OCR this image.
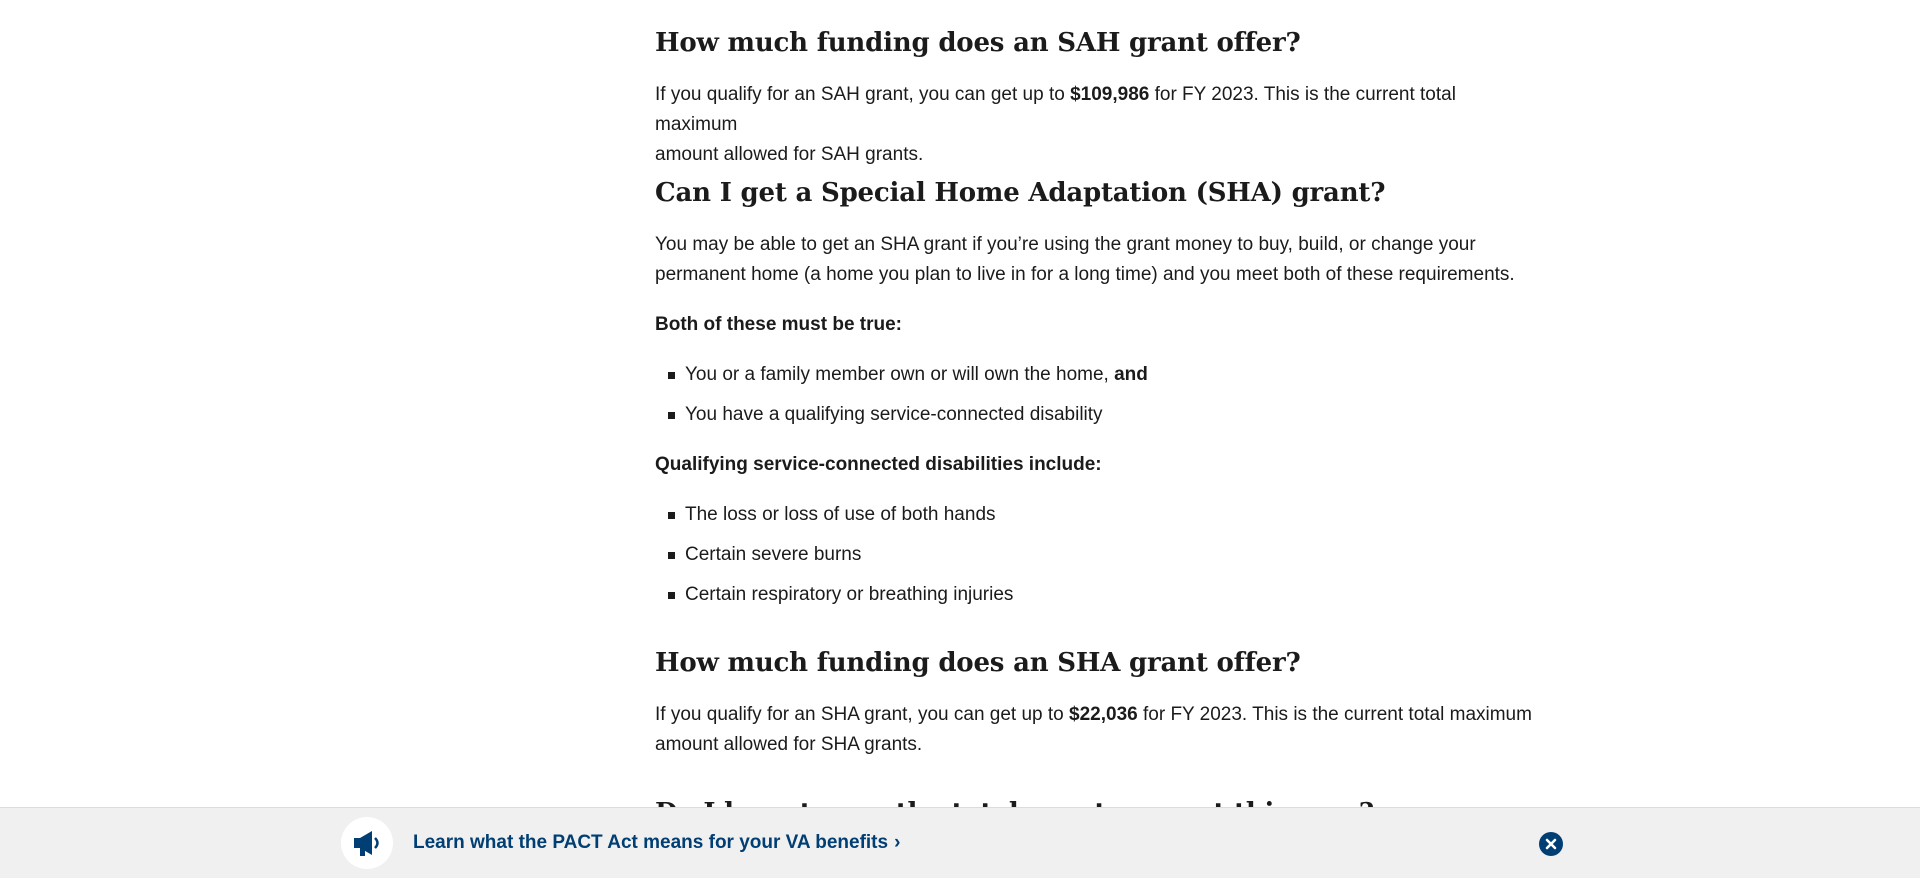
How much funding does an SAH grant offer?

If you qualify for an SAH grant, you can get up to $109,986 for FY 2023. This is the current total maximum
amount allowed for SAH grants.

Can I get a Special Home Adaptation (SHA) grant?

You may be able to get an SHA grant if you’re using the grant money to buy, build, or change your
permanent home (a home you plan to live in for a long time) and you meet both of these requirements.

Both of these must be true:

You or a family member own or will own the home, and
You have a qualifying service-connected disability

Qualifying service-connected disabilities include:

The loss or loss of use of both hands
Certain severe burns
Certain respiratory or breathing injuries
How much funding does an SHA grant offer?

If you qualify for an SHA grant, you can get up to $22,036 for FY 2023. This is the current total maximum
amount allowed for SHA grants.

Learn what the PACT Act means for your VA benefits ›
